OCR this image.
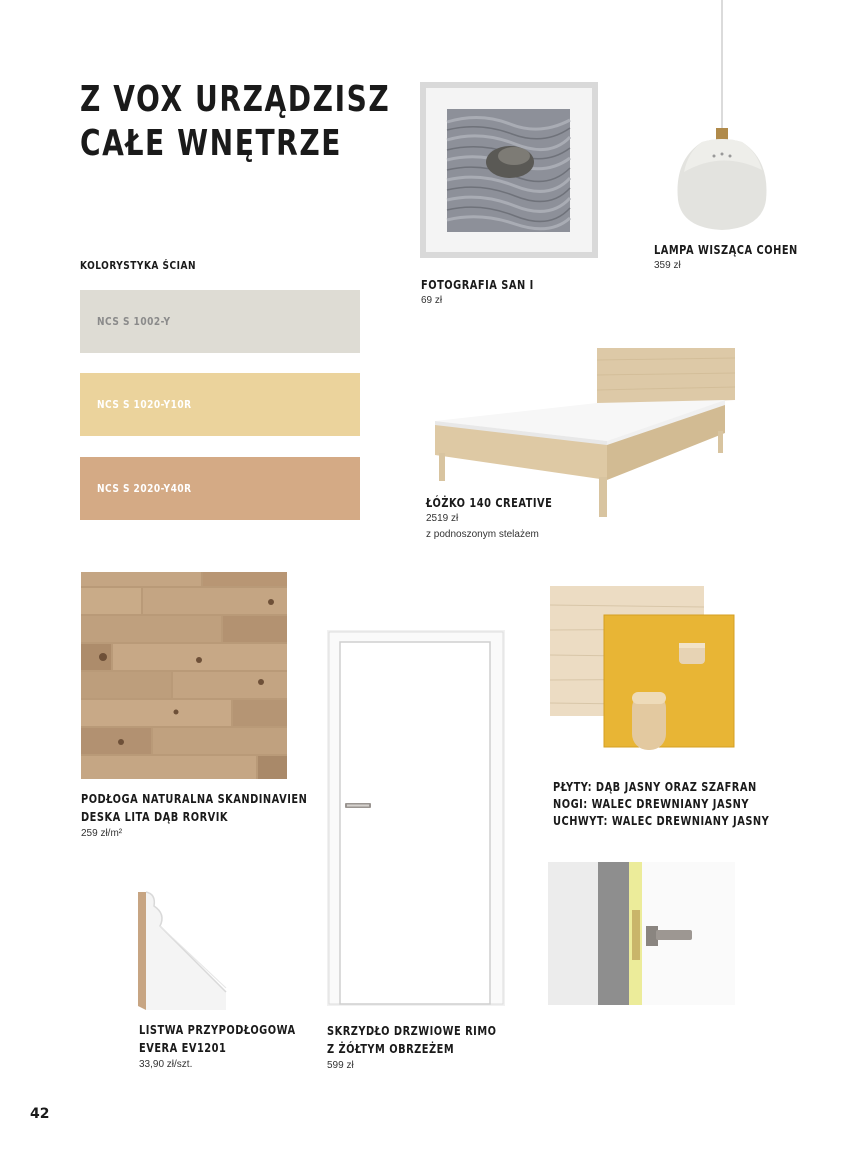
Z VOX URZĄDZISZ
CAŁE WNĘTRZE
KOLORYSTYKA ŚCIAN
NCS S 1002-Y
NCS S 1020-Y10R
NCS S 2020-Y40R
FOTOGRAFIA SAN I
69 zł
LAMPA WISZĄCA COHEN
359 zł
ŁÓŻKO 140 CREATIVE
2519 zł
z podnoszonym stelażem
PODŁOGA NATURALNA SKANDINAVIEN
DESKA LITA DĄB RORVIK
259 zł/m²
SKRZYDŁO DRZWIOWE RIMO
Z ŻÓŁTYM OBRZEŻEM
599 zł
PŁYTY: DĄB JASNY ORAZ SZAFRAN
NOGI: WALEC DREWNIANY JASNY
UCHWYT: WALEC DREWNIANY JASNY
LISTWA PRZYPODŁOGOWA
EVERA EV1201
33,90 zł/szt.
42
